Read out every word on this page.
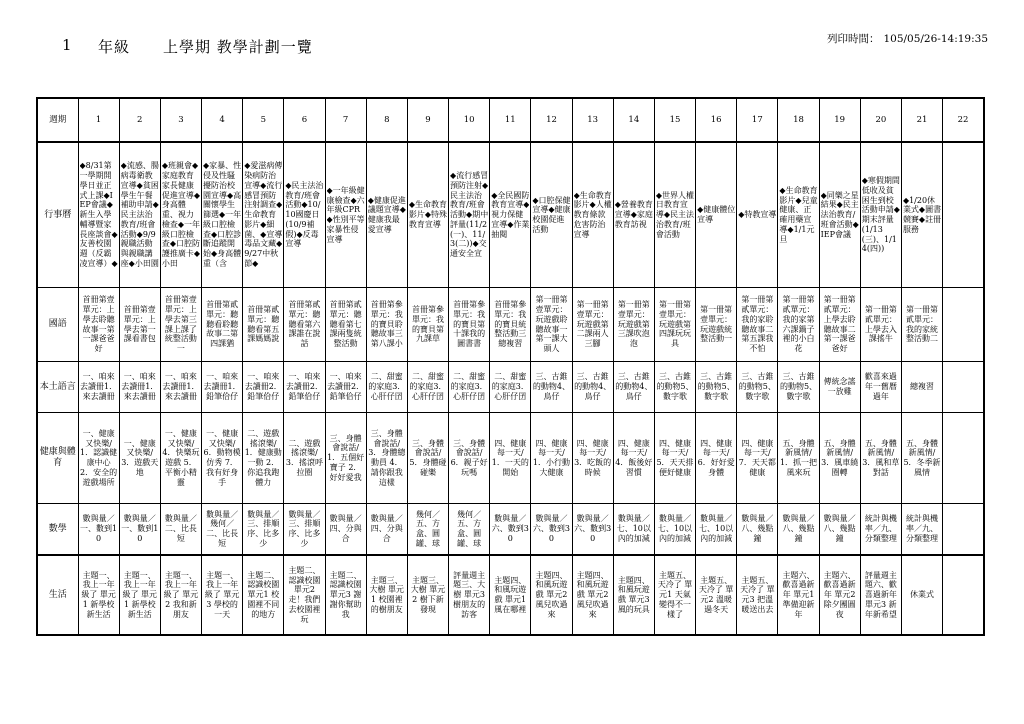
1 年級 上學期 教學計劃一覽	列印時間： 105/05/26-14:19:35
週期	1	2	3	4	5	6	7	8	9	10	11	12	13	14	15	16	17	18	19	20	21	22
行事曆	◆8/31第一學期開學日並正式上課◆IEP會議◆新生入學輔導暨家長座談會◆友善校園週（反霸凌宣導）◆	◆流感、腸病毒衛教宣導◆貧困學生午餐補助申請◆民主法治教育/班會活動◆9/9親職活動與親職講座◆小田園	◆班親會◆家庭教育家長健康促進宣導◆身高體重、視力檢查◆一年級口腔檢查◆口腔防護推廣卡◆小田	◆家暴、性侵及性騷擾防治校園宣導◆高關懷學生篩選◆一年級口腔檢查◆口腔診斷追蹤開始◆身高體重（含	◆愛滋病傳染病防治宣導◆流行感冒預防注射調查◆生命教育影片◆細菌、◆宣導毒品文藏◆9/27中秋節◆	◆民主法治教育/班會活動◆10/10國慶日(10/9補假)◆反毒宣導	◆一年級健康檢查◆六年級CPR◆性別平等家暴性侵宣導	◆健康促進議題宣導◆健康我最愛宣導	◆生命教育影片◆特殊教育宣導	◆流行感冒預防注射◆民主法治教育/班會活動◆期中評量(11/2(一)、11/3(二))◆交通安全宣	◆全民國防教育宣導◆視力保健宣導◆作業抽閱	◆口腔保健宣導◆健康校園促進活動	◆生命教育影片◆人權教育條款危害防治宣導	◆營養教育宣導◆家庭教育訪視	◆世界人權日教育宣導◆民主法治教育/班會活動	◆健康體位宣導	◆特教宣導	◆生命教育影片◆兒童健康、正確用藥宣導◆1/1元旦	◆同樂之星結果◆民主法治教育/班會活動◆IEP會議	◆寒假期間低收及貧困生到校活動申請◆期末評量(1/13(三)、1/14(四))	◆1/20休業式◆圖書競賽◆註冊服務	

國語	首冊第壹單元：上學去聆聽故事一第一課爸爸好	首冊第壹單元：上學去第一課看書包	首冊第壹單元：上學去第三課上課了統整活動一	首冊第貳單元：聽聽看聆聽故事二第四課猶	首冊第貳單元：聽聽看第五課媽媽說	首冊第貳單元：聽聽看第六課誰在說話	首冊第貳單元：聽聽看第七課兩隻統整活動	首冊第參單元：我的寶貝聆聽故事三第八課小	首冊第參單元：我的寶貝第九課草	首冊第參單元：我的寶貝第十課我的圖書書	首冊第參單元：我的寶貝統整活動三總複習	第一冊第壹單元：玩遊戲聆聽故事一第一課大頭人	第一冊第壹單元：玩遊戲第二課兩人三腳	第一冊第壹單元：玩遊戲第三課吹泡泡	第一冊第壹單元：玩遊戲第四課玩玩具	第一冊第壹單元：玩遊戲統整活動一	第一冊第貳單元：我的家聆聽故事二第五課我不怕	第一冊第貳單元：我的家第六課鍋子裡的小白花	第一冊第貳單元：上學去聆聽故事二第一課爸爸好	第一冊第貳單元：上學去入課搖牛	第一冊第貳單元：我的家統整活動二	

本土語言	一、咱來去讀冊1．來去讀冊	一、咱來去讀冊1．來去讀冊	一、咱來去讀冊1．來去讀冊	一、咱來去讀冊1．鉛筆佮仔	一、咱來去讀冊2．鉛筆佮仔	一、咱來去讀冊2．鉛筆佮仔	一、咱來去讀冊2．鉛筆佮仔	二、甜蜜的家庭3．心肝仔囝	二、甜蜜的家庭3．心肝仔囝	二、甜蜜的家庭3．心肝仔囝	二、甜蜜的家庭3．心肝仔囝	三、古錐的動物4、鳥仔	三、古錐的動物4、鳥仔	三、古錐的動物4、鳥仔	三、古錐的動物5、數字歌	三、古錐的動物5、數字歌	三、古錐的動物5、數字歌	三、古錐的動物5、數字歌	傳統念謠一放雞	歡喜來過年一舊曆過年	總複習	

健康與體育	一、健康又快樂/1．認識健康中心 2．安全的遊戲場所	一、健康又快樂/3．遊戲天地	一、健康又快樂/4．快樂玩遊戲 5．平衡小精靈	一、健康又快樂/6．動物模仿秀 7．我有好身手	二、遊戲搖滾樂/1．健康動一動 2．你追我跑體力	二、遊戲搖滾樂/3．搖滾呼拉圈	三、身體會說話/1．五個好寶子 2．好好愛我	三、身體會說話/3．身體總動員 4．請你跟我這樣	三、身體會說話/5．身體碰碰樂	三、身體會說話/6．親子好玩嗎	四、健康每一天/1．一天的開始	四、健康每一天/1．小行動大健康	四、健康每一天/3．吃飯的時候	四、健康每一天/4．飯後好習慣	四、健康每一天/5．天天排便好健康	四、健康每一天/6．好好愛身體	四、健康每一天/7．天天都健康	五、身體新風情/1．抓一把風來玩	五、身體新風情/3．風車繞圈轉	五、身體新風情/3．風和草對話	五、身體新風情/5．冬季新風情	

數學	數與量／一、數到10	數與量／一、數到10	數與量／二、比長短	數與量／幾何／二、比長短	數與量／三、排順序、比多少	數與量／三、排順序、比多少	數與量／四、分與合	數與量／四、分與合	幾何／五、方盒、圓罐、球	幾何／五、方盒、圓罐、球	數與量／六、數到30	數與量／六、數到30	數與量／六、數到30	數與量／七、10以內的加減	數與量／七、10以內的加減	數與量／七、10以內的加減	數與量／八、幾點鐘	數與量／八、幾點鐘	數與量／八、幾點鐘	統計與機率／九、分類整理	統計與機率／九、分類整理	

生活	主題一、我上一年級了 單元1 新學校新生活	主題一、我上一年級了 單元1 新學校新生活	主題一、我上一年級了 單元2 我和新朋友	主題一、我上一年級了 單元3 學校的一天	主題二、認識校園 單元1 校園裡不同的地方	主題二、認識校園 單元2 走！我們去校園裡玩	主題二、認識校園 單元3 謝謝你幫助我	主題三、大樹 單元1 校園裡的樹朋友	主題三、大樹 單元2 樹下新發現	評量週主題三、大樹 單元3 樹朋友的訪客	主題四、和風玩遊戲 單元1 風在哪裡	主題四、和風玩遊戲 單元2 風兒吹過來	主題四、和風玩遊戲 單元2 風兒吹過來	主題四、和風玩遊戲 單元3 風的玩具	主題五、天冷了 單元1 天氣變得不一樣了	主題五、天冷了 單元2 溫暖過冬天	主題五、天冷了 單元3 把溫暖送出去	主題六、歡喜過新年 單元1 準備迎新年	主題六、歡喜過新年 單元2 除夕團圓夜	評量週主題六、歡喜過新年 單元3 新年新希望	休業式	
